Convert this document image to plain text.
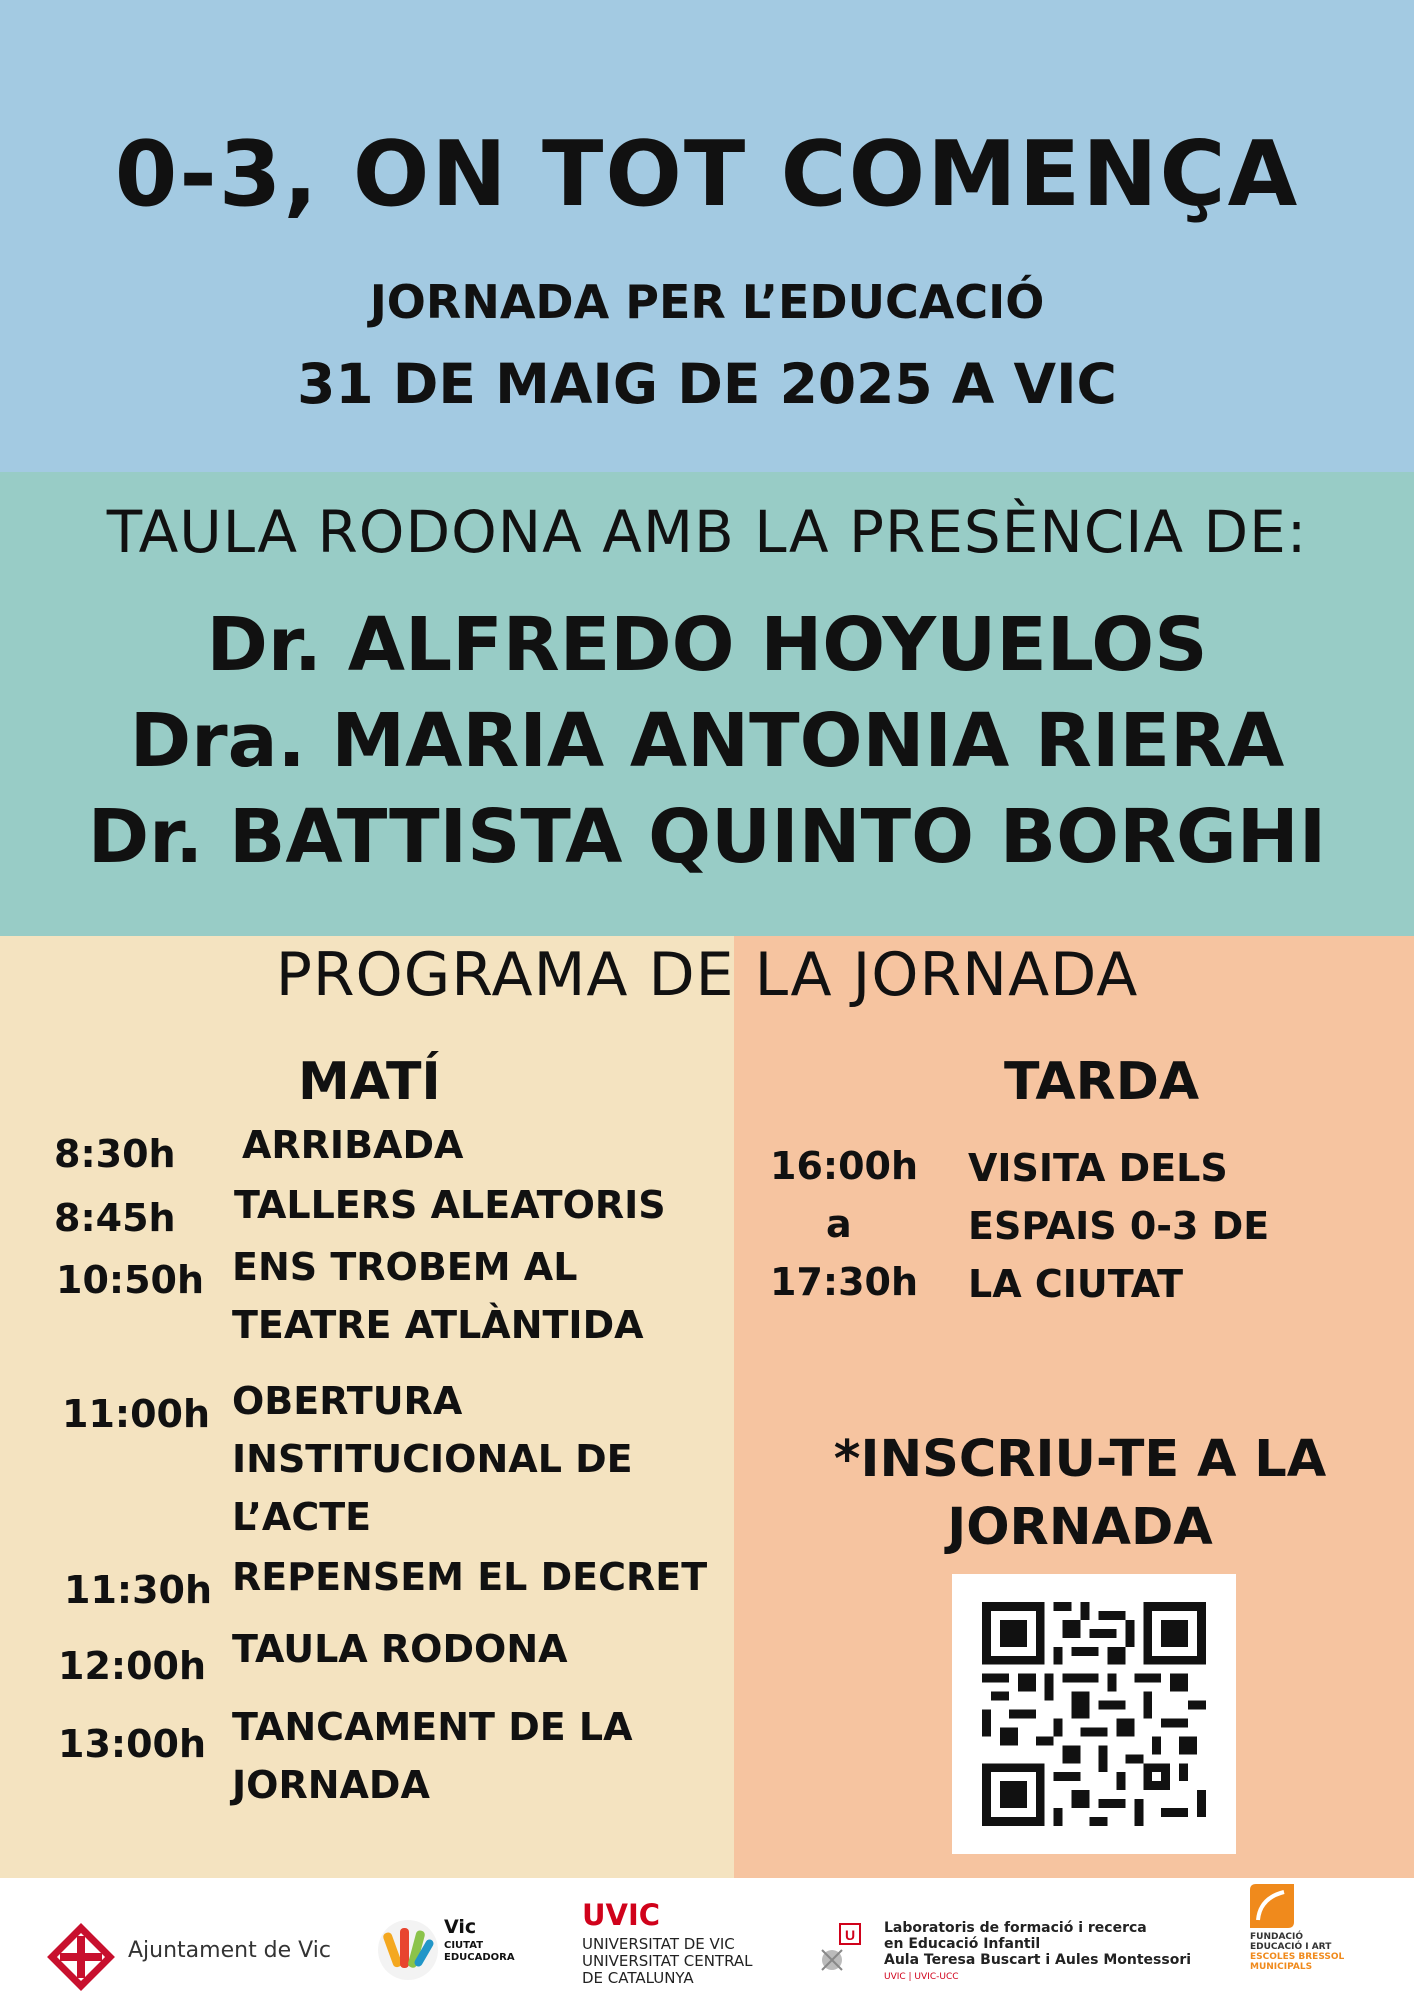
0-3, ON TOT COMENÇA
JORNADA PER L’EDUCACIÓ
31 DE MAIG DE 2025 A VIC
TAULA RODONA AMB LA PRESÈNCIA DE:
Dr. ALFREDO HOYUELOS
Dra. MARIA ANTONIA RIERA
Dr. BATTISTA QUINTO BORGHI
PROGRAMA DE LA JORNADA
MATÍ
8:30h ARRIBADA
8:45h TALLERS ALEATORIS
10:50h ENS TROBEM AL
TEATRE ATLÀNTIDA
11:00h OBERTURA
INSTITUCIONAL DE
L’ACTE
11:30h REPENSEM EL DECRET
12:00h TAULA RODONA
13:00h TANCAMENT DE LA
JORNADA
TARDA
16:00h
a
17:30h
VISITA DELS
ESPAIS 0-3 DE
LA CIUTAT
*INSCRIU-TE A LA
JORNADA
Ajuntament de Vic
Vic
CIUTAT
EDUCADORA
UVIC
UNIVERSITAT DE VIC
UNIVERSITAT CENTRAL
DE CATALUNYA
U Laboratoris de formació i recerca
en Educació Infantil
Aula Teresa Buscart i Aules Montessori
UVIC | UVIC-UCC
FUNDACIÓ
EDUCACIÓ I ART
ESCOLES BRESSOL
MUNICIPALS
